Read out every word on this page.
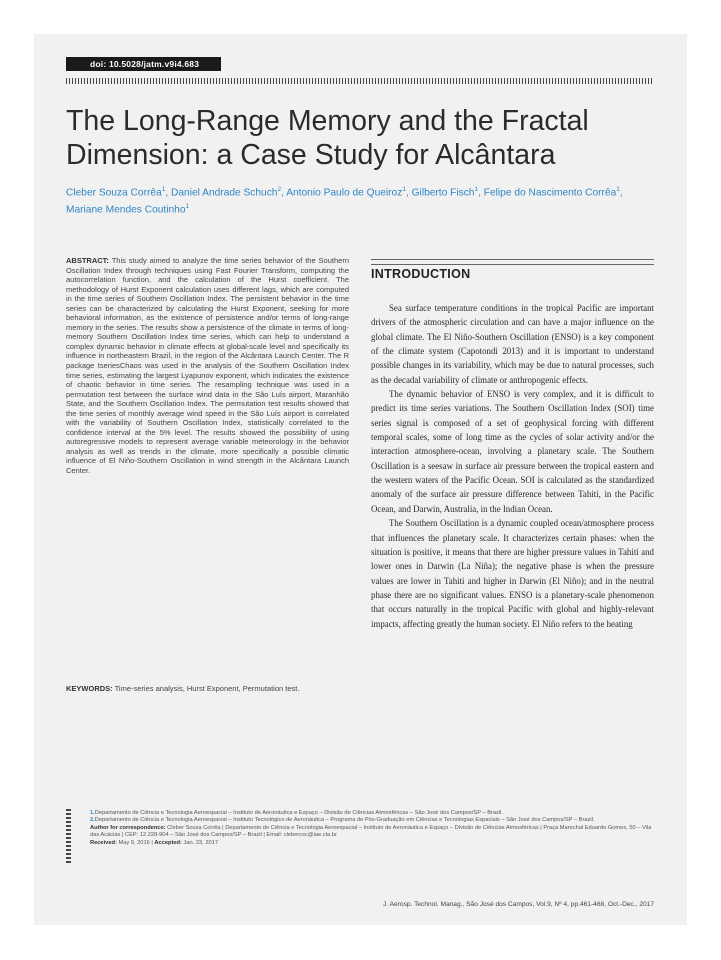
doi: 10.5028/jatm.v9i4.683
The Long-Range Memory and the Fractal Dimension: a Case Study for Alcântara
Cleber Souza Corrêa$^1$, Daniel Andrade Schuch$^2$, Antonio Paulo de Queiroz$^1$, Gilberto Fisch$^1$, Felipe do Nascimento Corrêa$^1$, Mariane Mendes Coutinho$^1$

ABSTRACT: This study aimed to analyze the time series behavior of the Southern Oscillation Index through techniques using Fast Fourier Transform, computing the autocorrelation function, and the calculation of the Hurst coefficient. The methodology of Hurst Exponent calculation uses different lags, which are computed in the time series of Southern Oscillation Index. The persistent behavior in the time series can be characterized by calculating the Hurst Exponent, seeking for more behavioral information, as the existence of persistence and/or terms of long-range memory in the series. The results show a persistence of the climate in terms of long-memory Southern Oscillation Index time series, which can help to understand a complex dynamic behavior in climate effects at global-scale level and specifically its influence in northeastern Brazil, in the region of the Alcântara Launch Center. The R package tseriesChaos was used in the analysis of the Southern Oscillation Index time series, estimating the largest Lyapunov exponent, which indicates the existence of chaotic behavior in time series. The resampling technique was used in a permutation test between the surface wind data in the São Luís airport, Maranhão State, and the Southern Oscillation Index. The permutation test results showed that the time series of monthly average wind speed in the São Luís airport is correlated with the variability of Southern Oscillation Index, statistically correlated to the confidence interval at the 5% level. The results showed the possibility of using autoregressive models to represent average variable meteorology in the behavior analysis as well as trends in the climate, more specifically a possible climatic influence of El Niño-Southern Oscillation in wind strength in the Alcântara Launch Center.

KEYWORDS: Time-series analysis, Hurst Exponent, Permutation test.

INTRODUCTION

Sea surface temperature conditions in the tropical Pacific are important drivers of the atmospheric circulation and can have a major influence on the global climate. The El Niño-Southern Oscillation (ENSO) is a key component of the climate system (Capotondi 2013) and it is important to understand possible changes in its variability, which may be due to natural processes, such as the decadal variability of climate or anthropogenic effects.

The dynamic behavior of ENSO is very complex, and it is difficult to predict its time series variations. The Southern Oscillation Index (SOI) time series signal is composed of a set of geophysical forcing with different temporal scales, some of long time as the cycles of solar activity and/or the interaction atmosphere-ocean, involving a planetary scale. The Southern Oscillation is a seesaw in surface air pressure between the tropical eastern and the western waters of the Pacific Ocean. SOI is calculated as the standardized anomaly of the surface air pressure difference between Tahiti, in the Pacific Ocean, and Darwin, Australia, in the Indian Ocean.

The Southern Oscillation is a dynamic coupled ocean/atmosphere process that influences the planetary scale. It characterizes certain phases: when the situation is positive, it means that there are higher pressure values in Tahiti and lower ones in Darwin (La Niña); the negative phase is when the pressure values are lower in Tahiti and higher in Darwin (El Niño); and in the neutral phase there are no significant values. ENSO is a planetary-scale phenomenon that occurs naturally in the tropical Pacific with global and highly-relevant impacts, affecting greatly the human society. El Niño refers to the heating

1.Departamento de Ciência e Tecnologia Aeroespacial – Instituto de Aeronáutica e Espaço – Divisão de Ciências Atmosféricas – São José dos Campos/SP – Brazil.
2.Departamento de Ciência e Tecnologia Aeroespacial – Instituto Tecnológico de Aeronáutica – Programa de Pós-Graduação em Ciências e Tecnologias Espaciais – São José dos Campos/SP – Brazil.
Author for correspondence: Cleber Souza Corrêa | Departamento de Ciência e Tecnologia Aeroespacial – Instituto de Aeronáutica e Espaço – Divisão de Ciências Atmosféricas | Praça Marechal Eduardo Gomes, 50 – Vila das Acácias | CEP: 12.228-904 – São José dos Campos/SP – Brazil | Email: clebercsc@iae.cta.br
Received: May 9, 2016 | Accepted: Jan. 23, 2017
J. Aerosp. Technol. Manag., São José dos Campos, Vol.9, Nº 4, pp.461-468, Oct.-Dec., 2017
